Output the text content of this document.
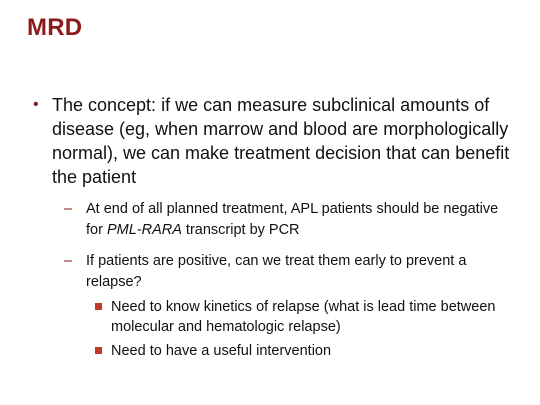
MRD
• The concept: if we can measure subclinical amounts of disease (eg, when marrow and blood are morphologically normal), we can make treatment decision that can benefit the patient
– At end of all planned treatment, APL patients should be negative for PML-RARA transcript by PCR
– If patients are positive, can we treat them early to prevent a relapse?
Need to know kinetics of relapse (what is lead time between molecular and hematologic relapse)
Need to have a useful intervention
